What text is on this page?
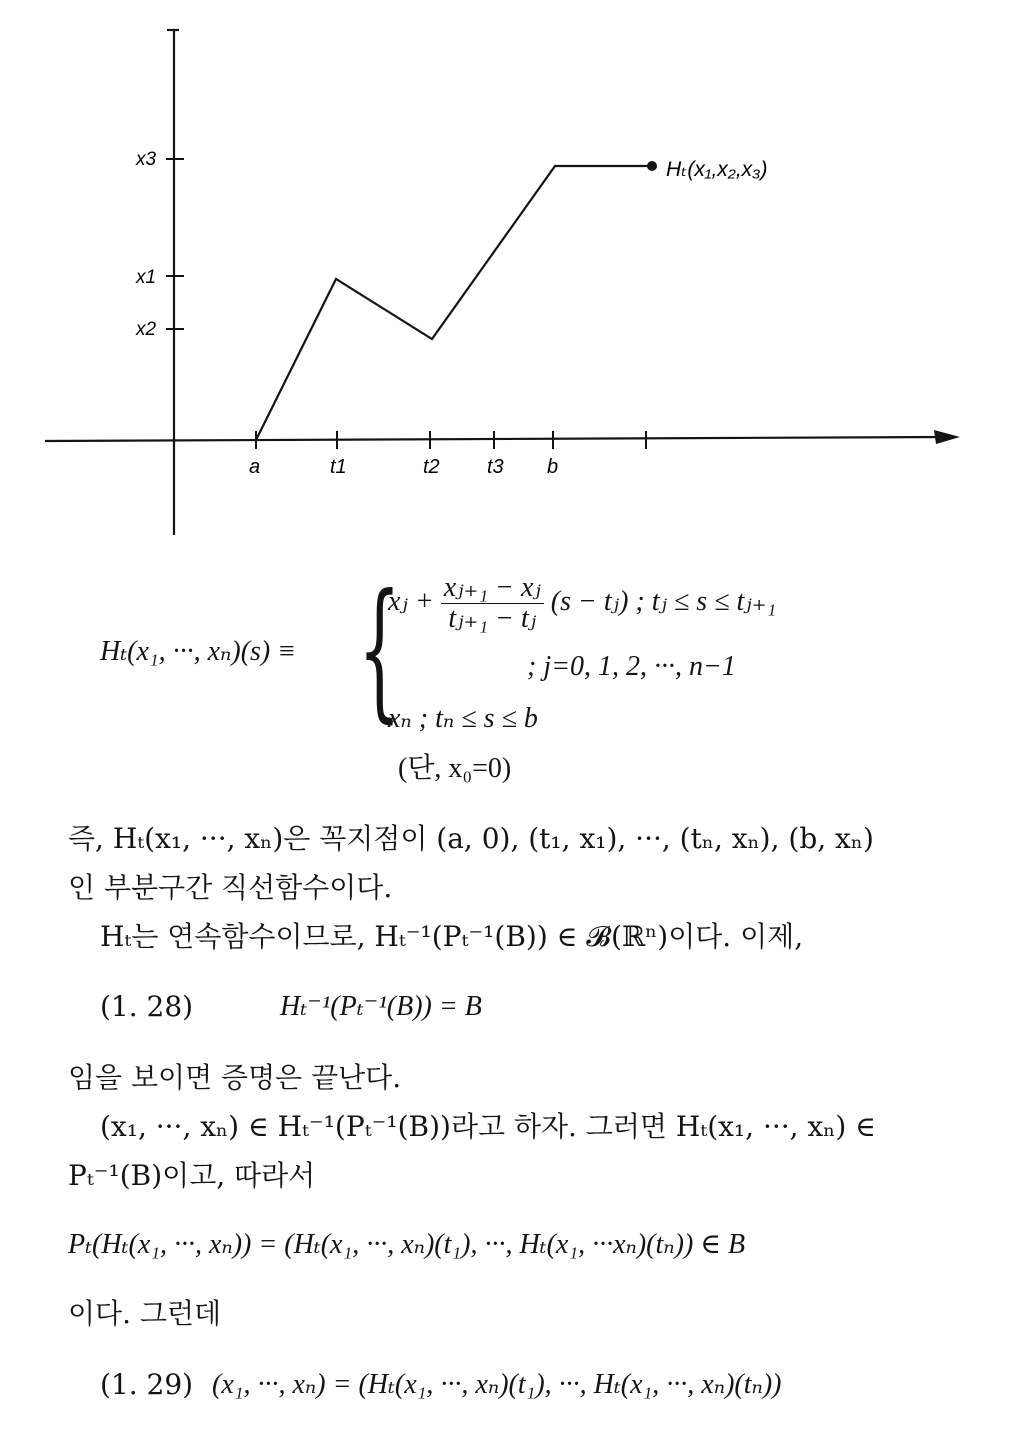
x3
x1
x2
a	t1	t2 t3 b
Hₜ(x₁,x₂,x₃)
Hₜ(x₁, ···, xₙ)(s) ≡ {
xⱼ + $\frac{\text{xⱼ₊₁ − xⱼ}}{\text{tⱼ₊₁ − tⱼ}} (s$ − tⱼ) ; tⱼ ≤ s ≤ tⱼ₊₁
; j=0, 1, 2, ···, n−1
xₙ ; tₙ ≤ s ≤ b
(단, x₀=0)
즉, Hₜ(x₁, ···, xₙ)은 꼭지점이 (a, 0), (t₁, x₁), ···, (tₙ, xₙ), (b, xₙ)
인 부분구간 직선함수이다.
Hₜ는 연속함수이므로, Hₜ⁻¹(Pₜ⁻¹(B)) ∈ 𝓑(ℝⁿ)이다. 이제,
(1. 28)	Hₜ⁻¹(Pₜ⁻¹(B)) = B
임을 보이면 증명은 끝난다.
(x₁, ···, xₙ) ∈ Hₜ⁻¹(Pₜ⁻¹(B))라고 하자. 그러면 Hₜ(x₁, ···, xₙ) ∈
Pₜ⁻¹(B)이고, 따라서
Pₜ(Hₜ(x₁, ···, xₙ)) = (Hₜ(x₁, ···, xₙ)(t₁), ···, Hₜ(x₁, ···xₙ)(tₙ)) ∈ B
이다. 그런데
(1. 29) (x₁, ···, xₙ) = (Hₜ(x₁, ···, xₙ)(t₁), ···, Hₜ(x₁, ···, xₙ)(tₙ))
